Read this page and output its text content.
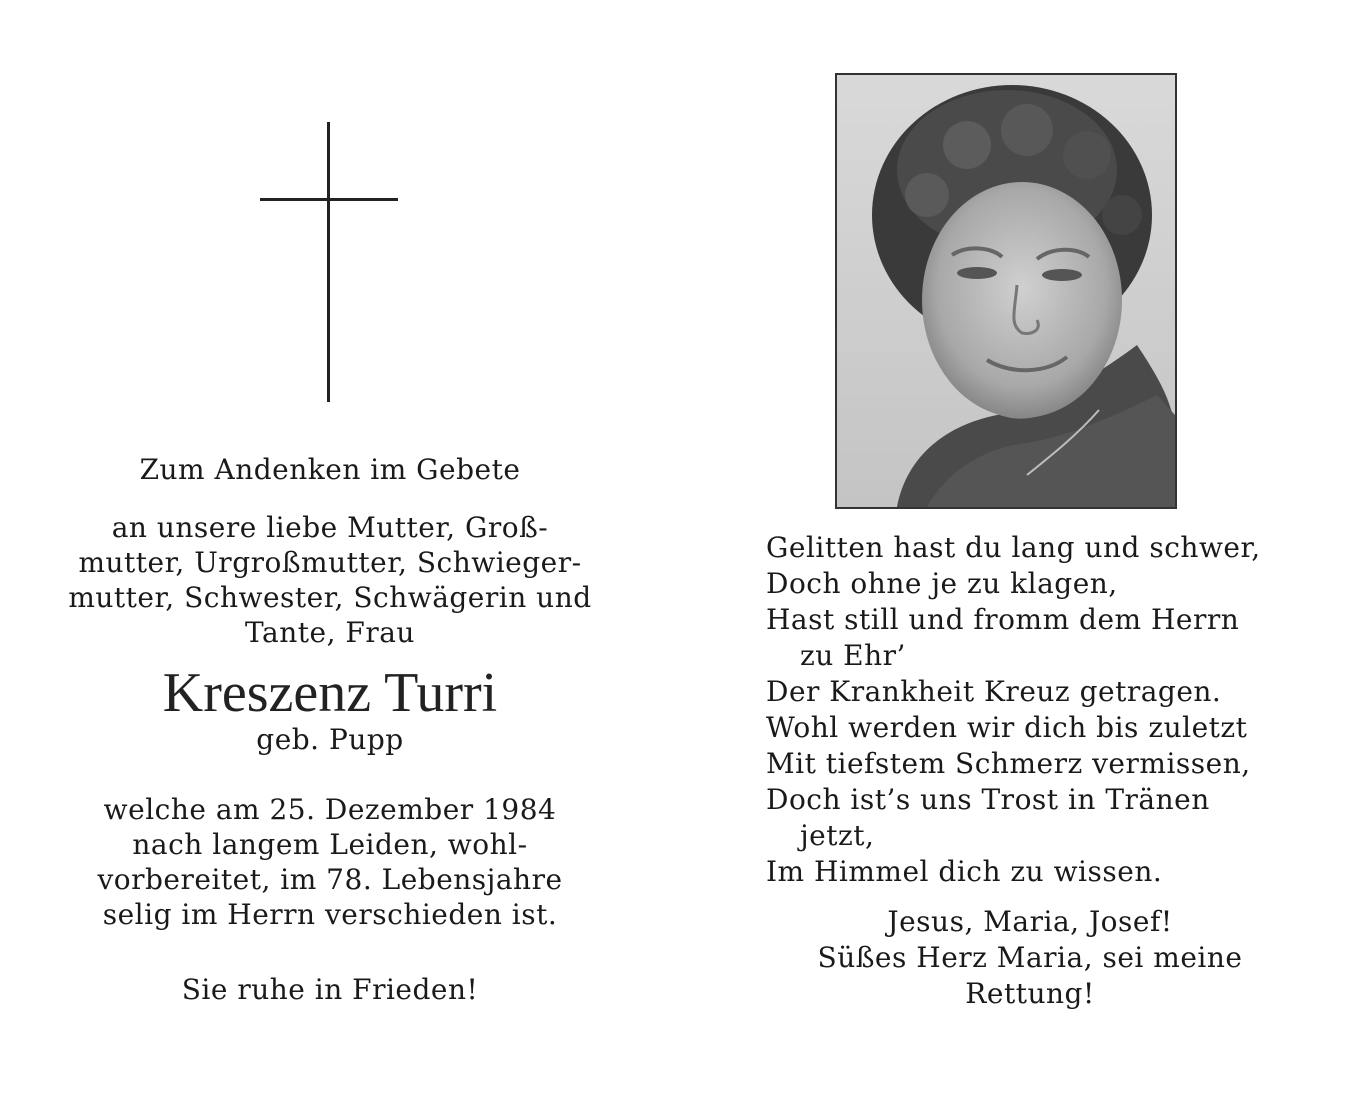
Zum Andenken im Gebete
an unsere liebe Mutter, Groß-
mutter, Urgroßmutter, Schwieger-
mutter, Schwester, Schwägerin und
Tante, Frau
Kreszenz Turri
geb. Pupp
welche am 25. Dezember 1984
nach langem Leiden, wohl-
vorbereitet, im 78. Lebensjahre
selig im Herrn verschieden ist.
Sie ruhe in Frieden!
Gelitten hast du lang und schwer,
Doch ohne je zu klagen,
Hast still und fromm dem Herrn
zu Ehr’
Der Krankheit Kreuz getragen.
Wohl werden wir dich bis zuletzt
Mit tiefstem Schmerz vermissen,
Doch ist’s uns Trost in Tränen
jetzt,
Im Himmel dich zu wissen.
Jesus, Maria, Josef!
Süßes Herz Maria, sei meine
Rettung!
